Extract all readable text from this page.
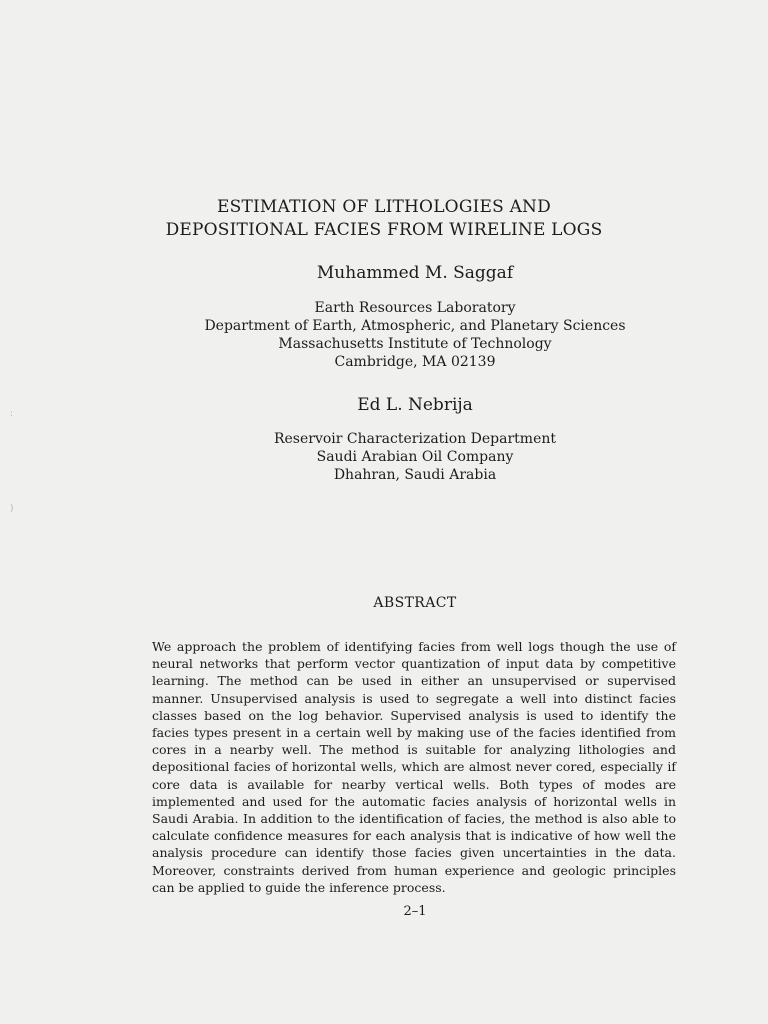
:
)
ESTIMATION OF LITHOLOGIES AND
DEPOSITIONAL FACIES FROM WIRELINE LOGS
Muhammed M. Saggaf
Earth Resources Laboratory
Department of Earth, Atmospheric, and Planetary Sciences
Massachusetts Institute of Technology
Cambridge, MA 02139
Ed L. Nebrija
Reservoir Characterization Department
Saudi Arabian Oil Company
Dhahran, Saudi Arabia
ABSTRACT

We approach the problem of identifying facies from well logs though the use of neural networks that perform vector quantization of input data by competitive learning. The method can be used in either an unsupervised or supervised manner. Unsupervised analysis is used to segregate a well into distinct facies classes based on the log behavior. Supervised analysis is used to identify the facies types present in a certain well by making use of the facies identified from cores in a nearby well. The method is suitable for analyzing lithologies and depositional facies of horizontal wells, which are almost never cored, especially if core data is available for nearby vertical wells. Both types of modes are implemented and used for the automatic facies analysis of horizontal wells in Saudi Arabia. In addition to the identification of facies, the method is also able to calculate confidence measures for each analysis that is indicative of how well the analysis procedure can identify those facies given uncertainties in the data. Moreover, constraints derived from human experience and geologic principles can be applied to guide the inference process.

2–1
